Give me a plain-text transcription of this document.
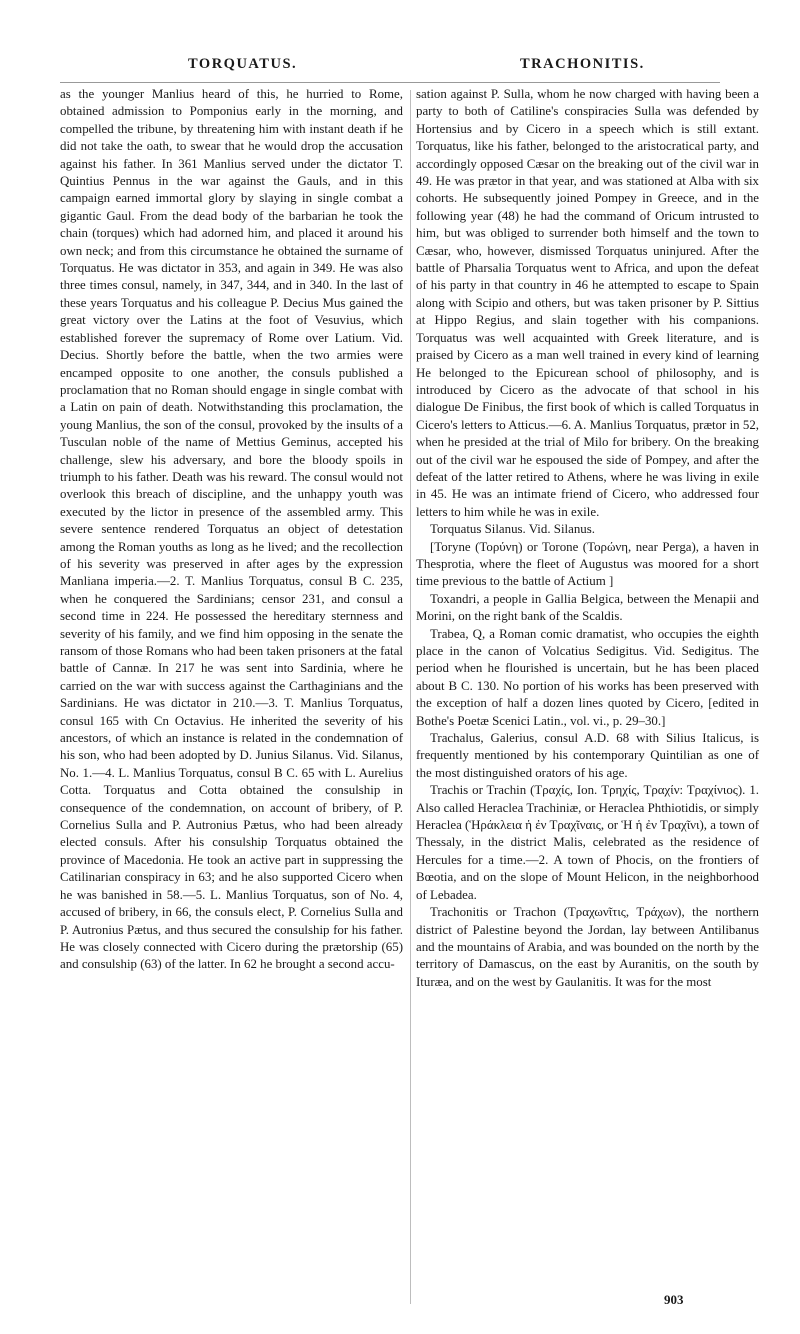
TORQUATUS.	TRACHONITIS.

as the younger Manlius heard of this, he hurried to Rome, obtained admission to Pomponius early in the morning, and compelled the tribune, by threatening him with instant death if he did not take the oath, to swear that he would drop the accusation against his father. In 361 Manlius served under the dictator T. Quintius Pennus in the war against the Gauls, and in this campaign earned immortal glory by slaying in single combat a gigantic Gaul. From the dead body of the barbarian he took the chain (torques) which had adorned him, and placed it around his own neck; and from this circumstance he obtained the surname of Torquatus. He was dictator in 353, and again in 349. He was also three times consul, namely, in 347, 344, and in 340. In the last of these years Torquatus and his colleague P. Decius Mus gained the great victory over the Latins at the foot of Vesuvius, which established forever the supremacy of Rome over Latium. Vid. Decius. Shortly before the battle, when the two armies were encamped opposite to one another, the consuls published a proclamation that no Roman should engage in single combat with a Latin on pain of death. Notwithstanding this proclamation, the young Manlius, the son of the consul, provoked by the insults of a Tusculan noble of the name of Mettius Geminus, accepted his challenge, slew his adversary, and bore the bloody spoils in triumph to his father. Death was his reward. The consul would not overlook this breach of discipline, and the unhappy youth was executed by the lictor in presence of the assembled army. This severe sentence rendered Torquatus an object of detestation among the Roman youths as long as he lived; and the recollection of his severity was preserved in after ages by the expression Manliana imperia.—2. T. Manlius Torquatus, consul B C. 235, when he conquered the Sardinians; censor 231, and consul a second time in 224. He possessed the hereditary sternness and severity of his family, and we find him opposing in the senate the ransom of those Romans who had been taken prisoners at the fatal battle of Cannæ. In 217 he was sent into Sardinia, where he carried on the war with success against the Carthaginians and the Sardinians. He was dictator in 210.—3. T. Manlius Torquatus, consul 165 with Cn Octavius. He inherited the severity of his ancestors, of which an instance is related in the condemnation of his son, who had been adopted by D. Junius Silanus. Vid. Silanus, No. 1.—4. L. Manlius Torquatus, consul B C. 65 with L. Aurelius Cotta. Torquatus and Cotta obtained the consulship in consequence of the condemnation, on account of bribery, of P. Cornelius Sulla and P. Autronius Pætus, who had been already elected consuls. After his consulship Torquatus obtained the province of Macedonia. He took an active part in suppressing the Catilinarian conspiracy in 63; and he also supported Cicero when he was banished in 58.—5. L. Manlius Torquatus, son of No. 4, accused of bribery, in 66, the consuls elect, P. Cornelius Sulla and P. Autronius Pætus, and thus secured the consulship for his father. He was closely connected with Cicero during the prætorship (65) and consulship (63) of the latter. In 62 he brought a second accu-

sation against P. Sulla, whom he now charged with having been a party to both of Catiline's conspiracies Sulla was defended by Hortensius and by Cicero in a speech which is still extant. Torquatus, like his father, belonged to the aristocratical party, and accordingly opposed Cæsar on the breaking out of the civil war in 49. He was prætor in that year, and was stationed at Alba with six cohorts. He subsequently joined Pompey in Greece, and in the following year (48) he had the command of Oricum intrusted to him, but was obliged to surrender both himself and the town to Cæsar, who, however, dismissed Torquatus uninjured. After the battle of Pharsalia Torquatus went to Africa, and upon the defeat of his party in that country in 46 he attempted to escape to Spain along with Scipio and others, but was taken prisoner by P. Sittius at Hippo Regius, and slain together with his companions. Torquatus was well acquainted with Greek literature, and is praised by Cicero as a man well trained in every kind of learning He belonged to the Epicurean school of philosophy, and is introduced by Cicero as the advocate of that school in his dialogue De Finibus, the first book of which is called Torquatus in Cicero's letters to Atticus.—6. A. Manlius Torquatus, prætor in 52, when he presided at the trial of Milo for bribery. On the breaking out of the civil war he espoused the side of Pompey, and after the defeat of the latter retired to Athens, where he was living in exile in 45. He was an intimate friend of Cicero, who addressed four letters to him while he was in exile.

Torquatus Silanus. Vid. Silanus.

[Toryne (Τορύνη) or Torone (Τορώνη, near Perga), a haven in Thesprotia, where the fleet of Augustus was moored for a short time previous to the battle of Actium ]

Toxandri, a people in Gallia Belgica, between the Menapii and Morini, on the right bank of the Scaldis.

Trabea, Q, a Roman comic dramatist, who occupies the eighth place in the canon of Volcatius Sedigitus. Vid. Sedigitus. The period when he flourished is uncertain, but he has been placed about B C. 130. No portion of his works has been preserved with the exception of half a dozen lines quoted by Cicero, [edited in Bothe's Poetæ Scenici Latin., vol. vi., p. 29–30.]

Trachalus, Galerius, consul A.D. 68 with Silius Italicus, is frequently mentioned by his contemporary Quintilian as one of the most distinguished orators of his age.

Trachis or Trachin (Τραχίς, Ion. Τρηχίς, Τραχίν: Τραχίνιος). 1. Also called Heraclea Trachiniæ, or Heraclea Phthiotidis, or simply Heraclea (Ἡράκλεια ἡ ἐν Τραχῖναις, or Ἡ ἡ ἐν Τραχῖνι), a town of Thessaly, in the district Malis, celebrated as the residence of Hercules for a time.—2. A town of Phocis, on the frontiers of Bœotia, and on the slope of Mount Helicon, in the neighborhood of Lebadea.

Trachonitis or Trachon (Τραχωνῖτις, Τράχων), the northern district of Palestine beyond the Jordan, lay between Antilibanus and the mountains of Arabia, and was bounded on the north by the territory of Damascus, on the east by Auranitis, on the south by Ituræa, and on the west by Gaulanitis. It was for the most

903
